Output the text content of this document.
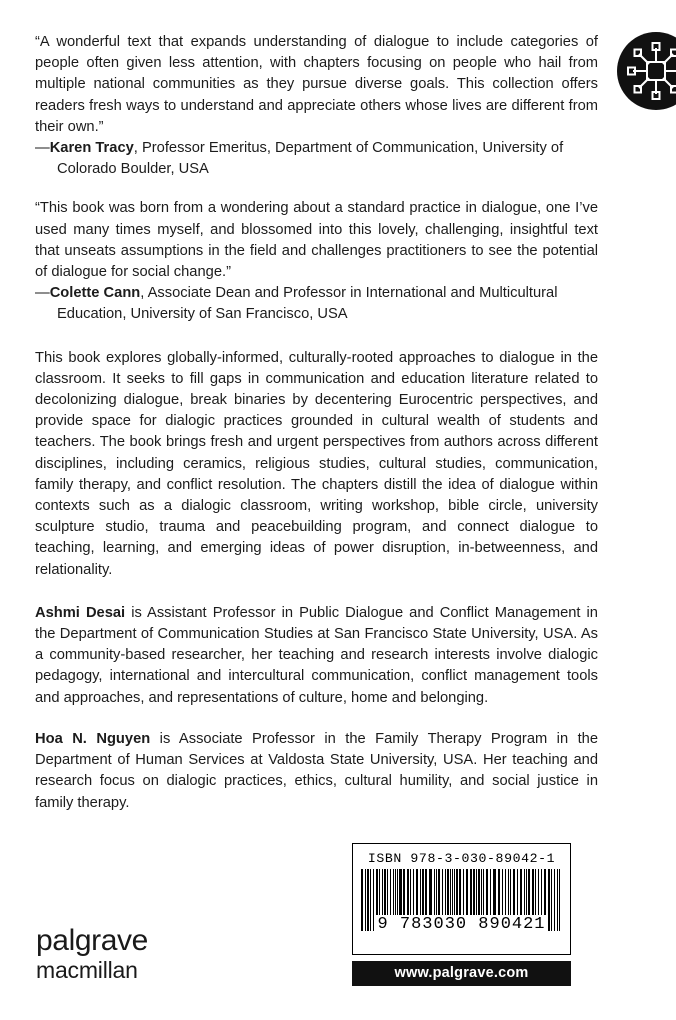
“A wonderful text that expands understanding of dialogue to include categories of people often given less attention, with chapters focusing on people who hail from multiple national communities as they pursue diverse goals. This collection offers readers fresh ways to understand and appreciate others whose lives are different from their own.”

—Karen Tracy, Professor Emeritus, Department of Communication, University of Colorado Boulder, USA

“This book was born from a wondering about a standard practice in dialogue, one I’ve used many times myself, and blossomed into this lovely, challenging, insightful text that unseats assumptions in the field and challenges practitioners to see the potential of dialogue for social change.”

—Colette Cann, Associate Dean and Professor in International and Multicultural Education, University of San Francisco, USA

This book explores globally-informed, culturally-rooted approaches to dialogue in the classroom. It seeks to fill gaps in communication and education literature related to decolonizing dialogue, break binaries by decentering Eurocentric perspectives, and provide space for dialogic practices grounded in cultural wealth of students and teachers. The book brings fresh and urgent perspectives from authors across different disciplines, including ceramics, religious studies, cultural studies, communication, family therapy, and conflict resolution. The chapters distill the idea of dialogue within contexts such as a dialogic classroom, writing workshop, bible circle, university sculpture studio, trauma and peacebuilding program, and connect dialogue to teaching, learning, and emerging ideas of power disruption, in-betweenness, and relationality.

Ashmi Desai is Assistant Professor in Public Dialogue and Conflict Management in the Department of Communication Studies at San Francisco State University, USA. As a community-based researcher, her teaching and research interests involve dialogic pedagogy, international and intercultural communication, conflict management tools and approaches, and representations of culture, home and belonging.

Hoa N. Nguyen is Associate Professor in the Family Therapy Program in the Department of Human Services at Valdosta State University, USA. Her teaching and research focus on dialogic practices, ethics, cultural humility, and social justice in family therapy.

ISBN 978-3-030-89042-1
9 783030 890421
www.palgrave.com
palgrave
macmillan
